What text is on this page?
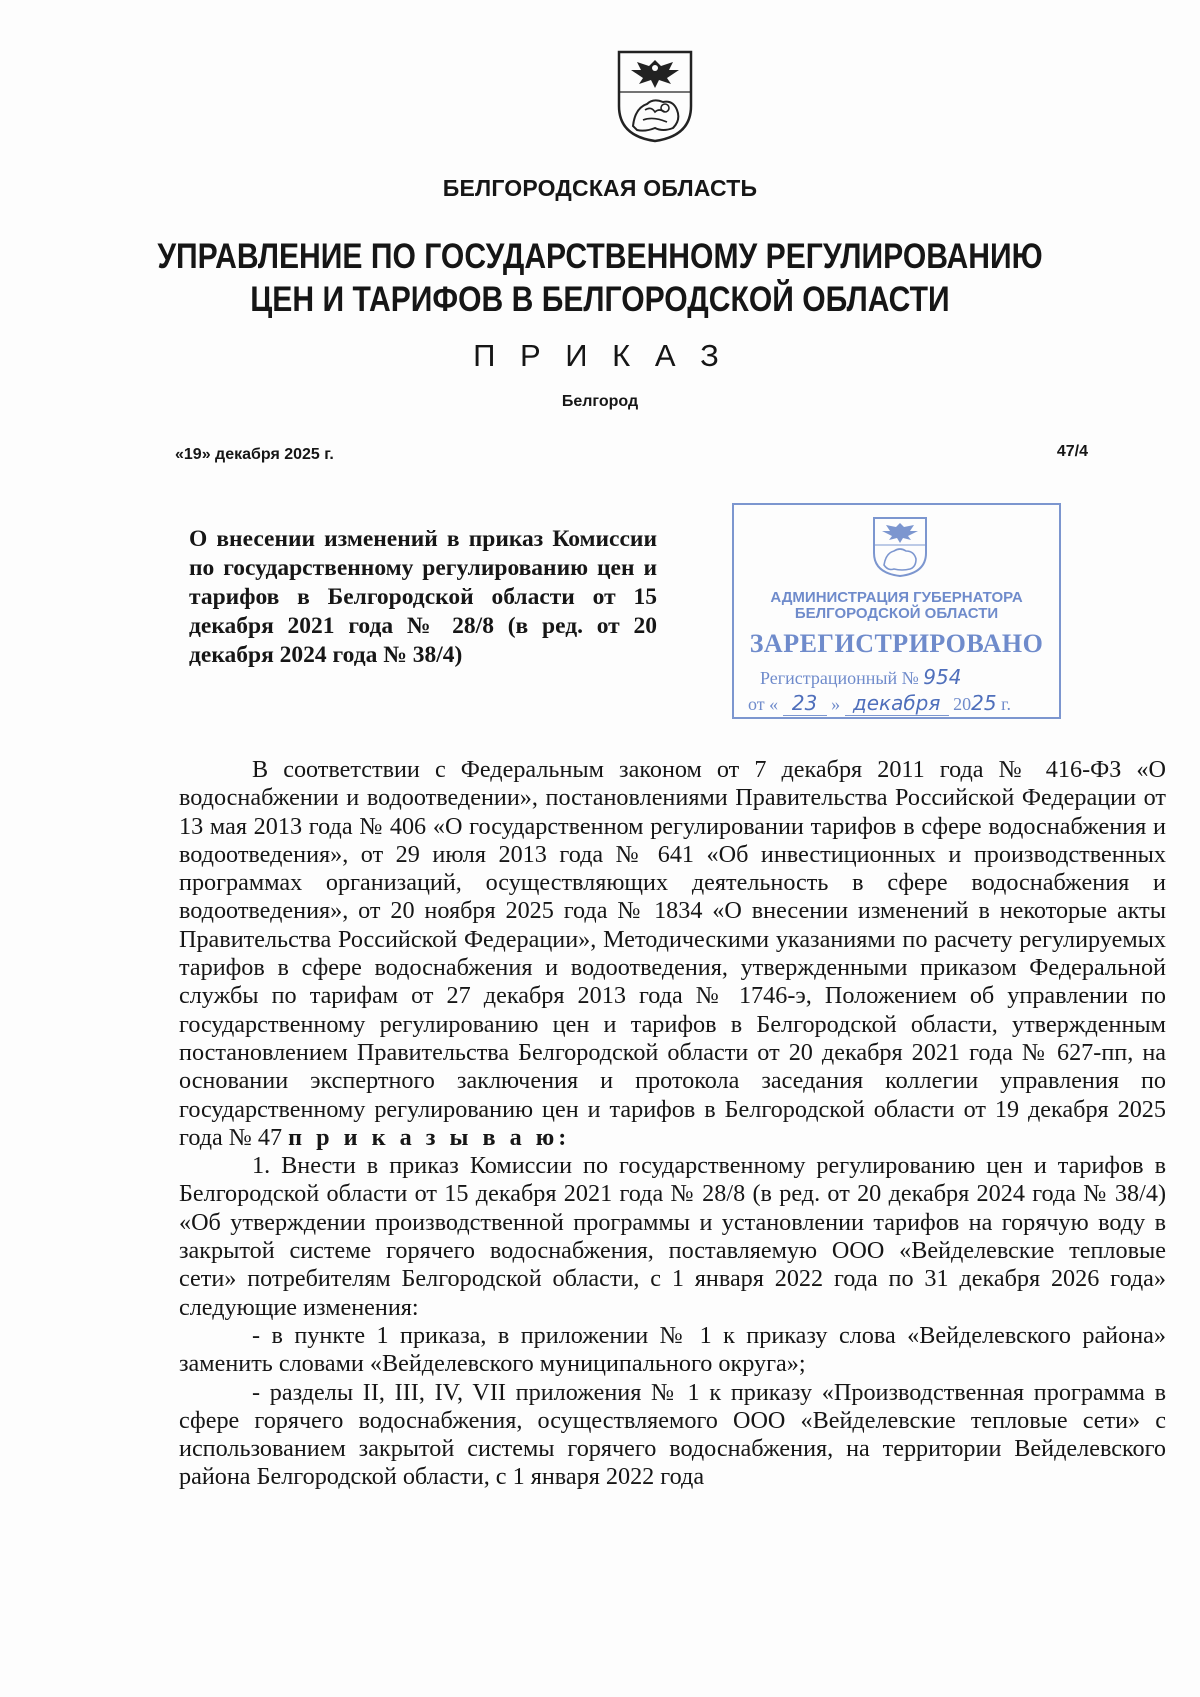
БЕЛГОРОДСКАЯ ОБЛАСТЬ
УПРАВЛЕНИЕ ПО ГОСУДАРСТВЕННОМУ РЕГУЛИРОВАНИЮ
ЦЕН И ТАРИФОВ В БЕЛГОРОДСКОЙ ОБЛАСТИ
П Р И К А З
Белгород
«19» декабря 2025 г.	47/4
О внесении изменений в приказ Комиссии по государственному регулированию цен и тарифов в Белгородской области от 15 декабря 2021 года № 28/8 (в ред. от 20 декабря 2024 года № 38/4)
АДМИНИСТРАЦИЯ ГУБЕРНАТОРА
БЕЛГОРОДСКОЙ ОБЛАСТИ
ЗАРЕГИСТРИРОВАНО
Регистрационный № 954
от « 23 » декабря 2025 г.

В соответствии с Федеральным законом от 7 декабря 2011 года № 416-ФЗ «О водоснабжении и водоотведении», постановлениями Правительства Российской Федерации от 13 мая 2013 года № 406 «О государственном регулировании тарифов в сфере водоснабжения и водоотведения», от 29 июля 2013 года № 641 «Об инвестиционных и производственных программах организаций, осуществляющих деятельность в сфере водоснабжения и водоотведения», от 20 ноября 2025 года № 1834 «О внесении изменений в некоторые акты Правительства Российской Федерации», Методическими указаниями по расчету регулируемых тарифов в сфере водоснабжения и водоотведения, утвержденными приказом Федеральной службы по тарифам от 27 декабря 2013 года № 1746-э, Положением об управлении по государственному регулированию цен и тарифов в Белгородской области, утвержденным постановлением Правительства Белгородской области от 20 декабря 2021 года № 627-пп, на основании экспертного заключения и протокола заседания коллегии управления по государственному регулированию цен и тарифов в Белгородской области от 19 декабря 2025 года № 47 п р и к а з ы в а ю:

1. Внести в приказ Комиссии по государственному регулированию цен и тарифов в Белгородской области от 15 декабря 2021 года № 28/8 (в ред. от 20 декабря 2024 года № 38/4) «Об утверждении производственной программы и установлении тарифов на горячую воду в закрытой системе горячего водоснабжения, поставляемую ООО «Вейделевские тепловые сети» потребителям Белгородской области, с 1 января 2022 года по 31 декабря 2026 года» следующие изменения:

- в пункте 1 приказа, в приложении № 1 к приказу слова «Вейделевского района» заменить словами «Вейделевского муниципального округа»;

- разделы II, III, IV, VII приложения № 1 к приказу «Производственная программа в сфере горячего водоснабжения, осуществляемого ООО «Вейделевские тепловые сети» с использованием закрытой системы горячего водоснабжения, на территории Вейделевского района Белгородской области, с 1 января 2022 года
